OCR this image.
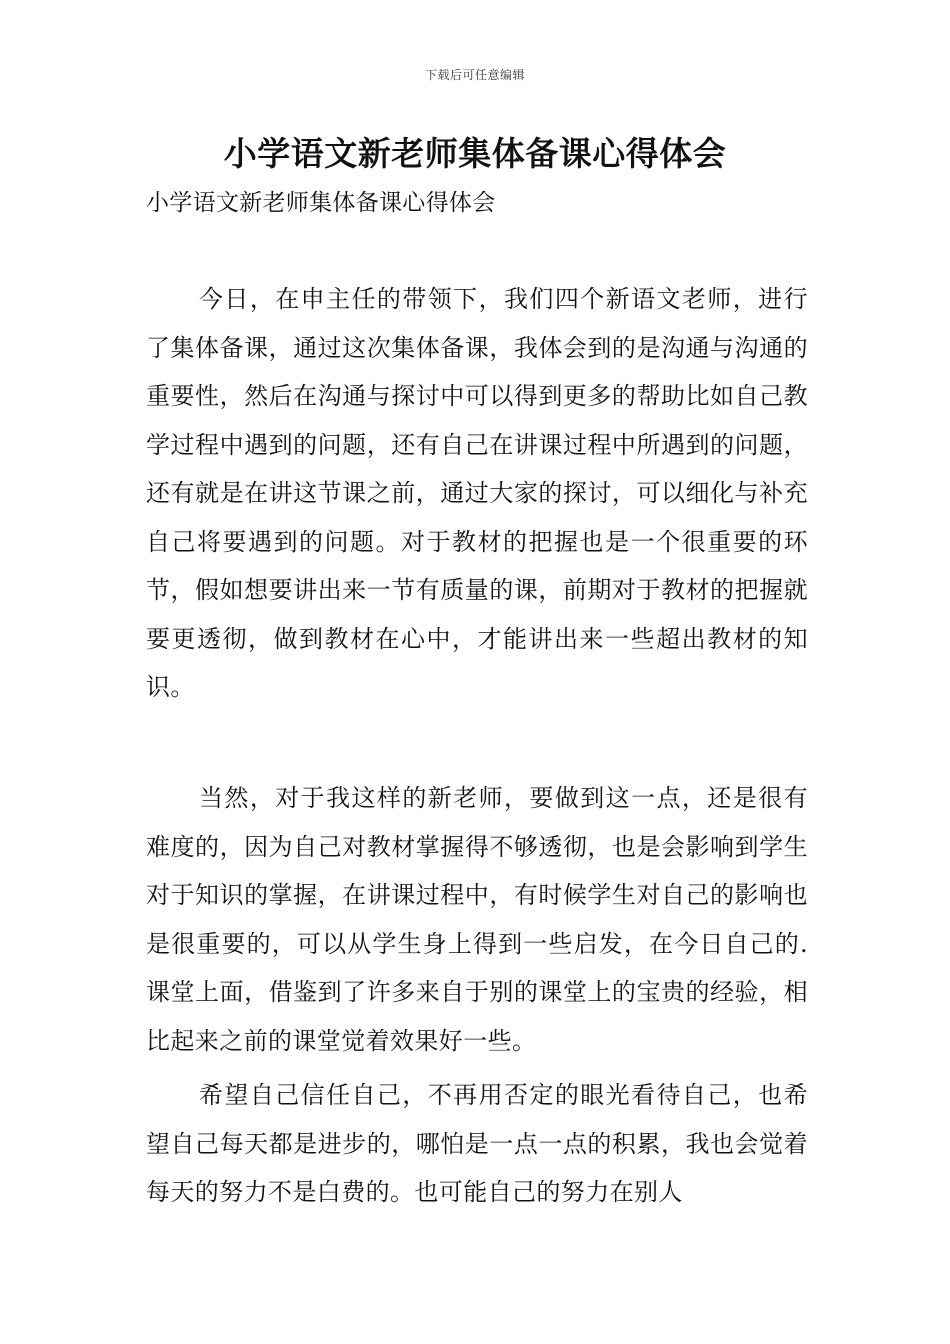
下载后可任意编辑
小学语文新老师集体备课心得体会
小学语文新老师集体备课心得体会

今日，在申主任的带领下，我们四个新语文老师，进行了集体备课，通过这次集体备课，我体会到的是沟通与沟通的重要性，然后在沟通与探讨中可以得到更多的帮助比如自己教学过程中遇到的问题，还有自己在讲课过程中所遇到的问题，还有就是在讲这节课之前，通过大家的探讨，可以细化与补充自己将要遇到的问题。对于教材的把握也是一个很重要的环节，假如想要讲出来一节有质量的课，前期对于教材的把握就要更透彻，做到教材在心中，才能讲出来一些超出教材的知识。

当然，对于我这样的新老师，要做到这一点，还是很有难度的，因为自己对教材掌握得不够透彻，也是会影响到学生对于知识的掌握，在讲课过程中，有时候学生对自己的影响也是很重要的，可以从学生身上得到一些启发，在今日自己的.课堂上面，借鉴到了许多来自于别的课堂上的宝贵的经验，相比起来之前的课堂觉着效果好一些。

希望自己信任自己，不再用否定的眼光看待自己，也希望自己每天都是进步的，哪怕是一点一点的积累，我也会觉着每天的努力不是白费的。也可能自己的努力在别人
